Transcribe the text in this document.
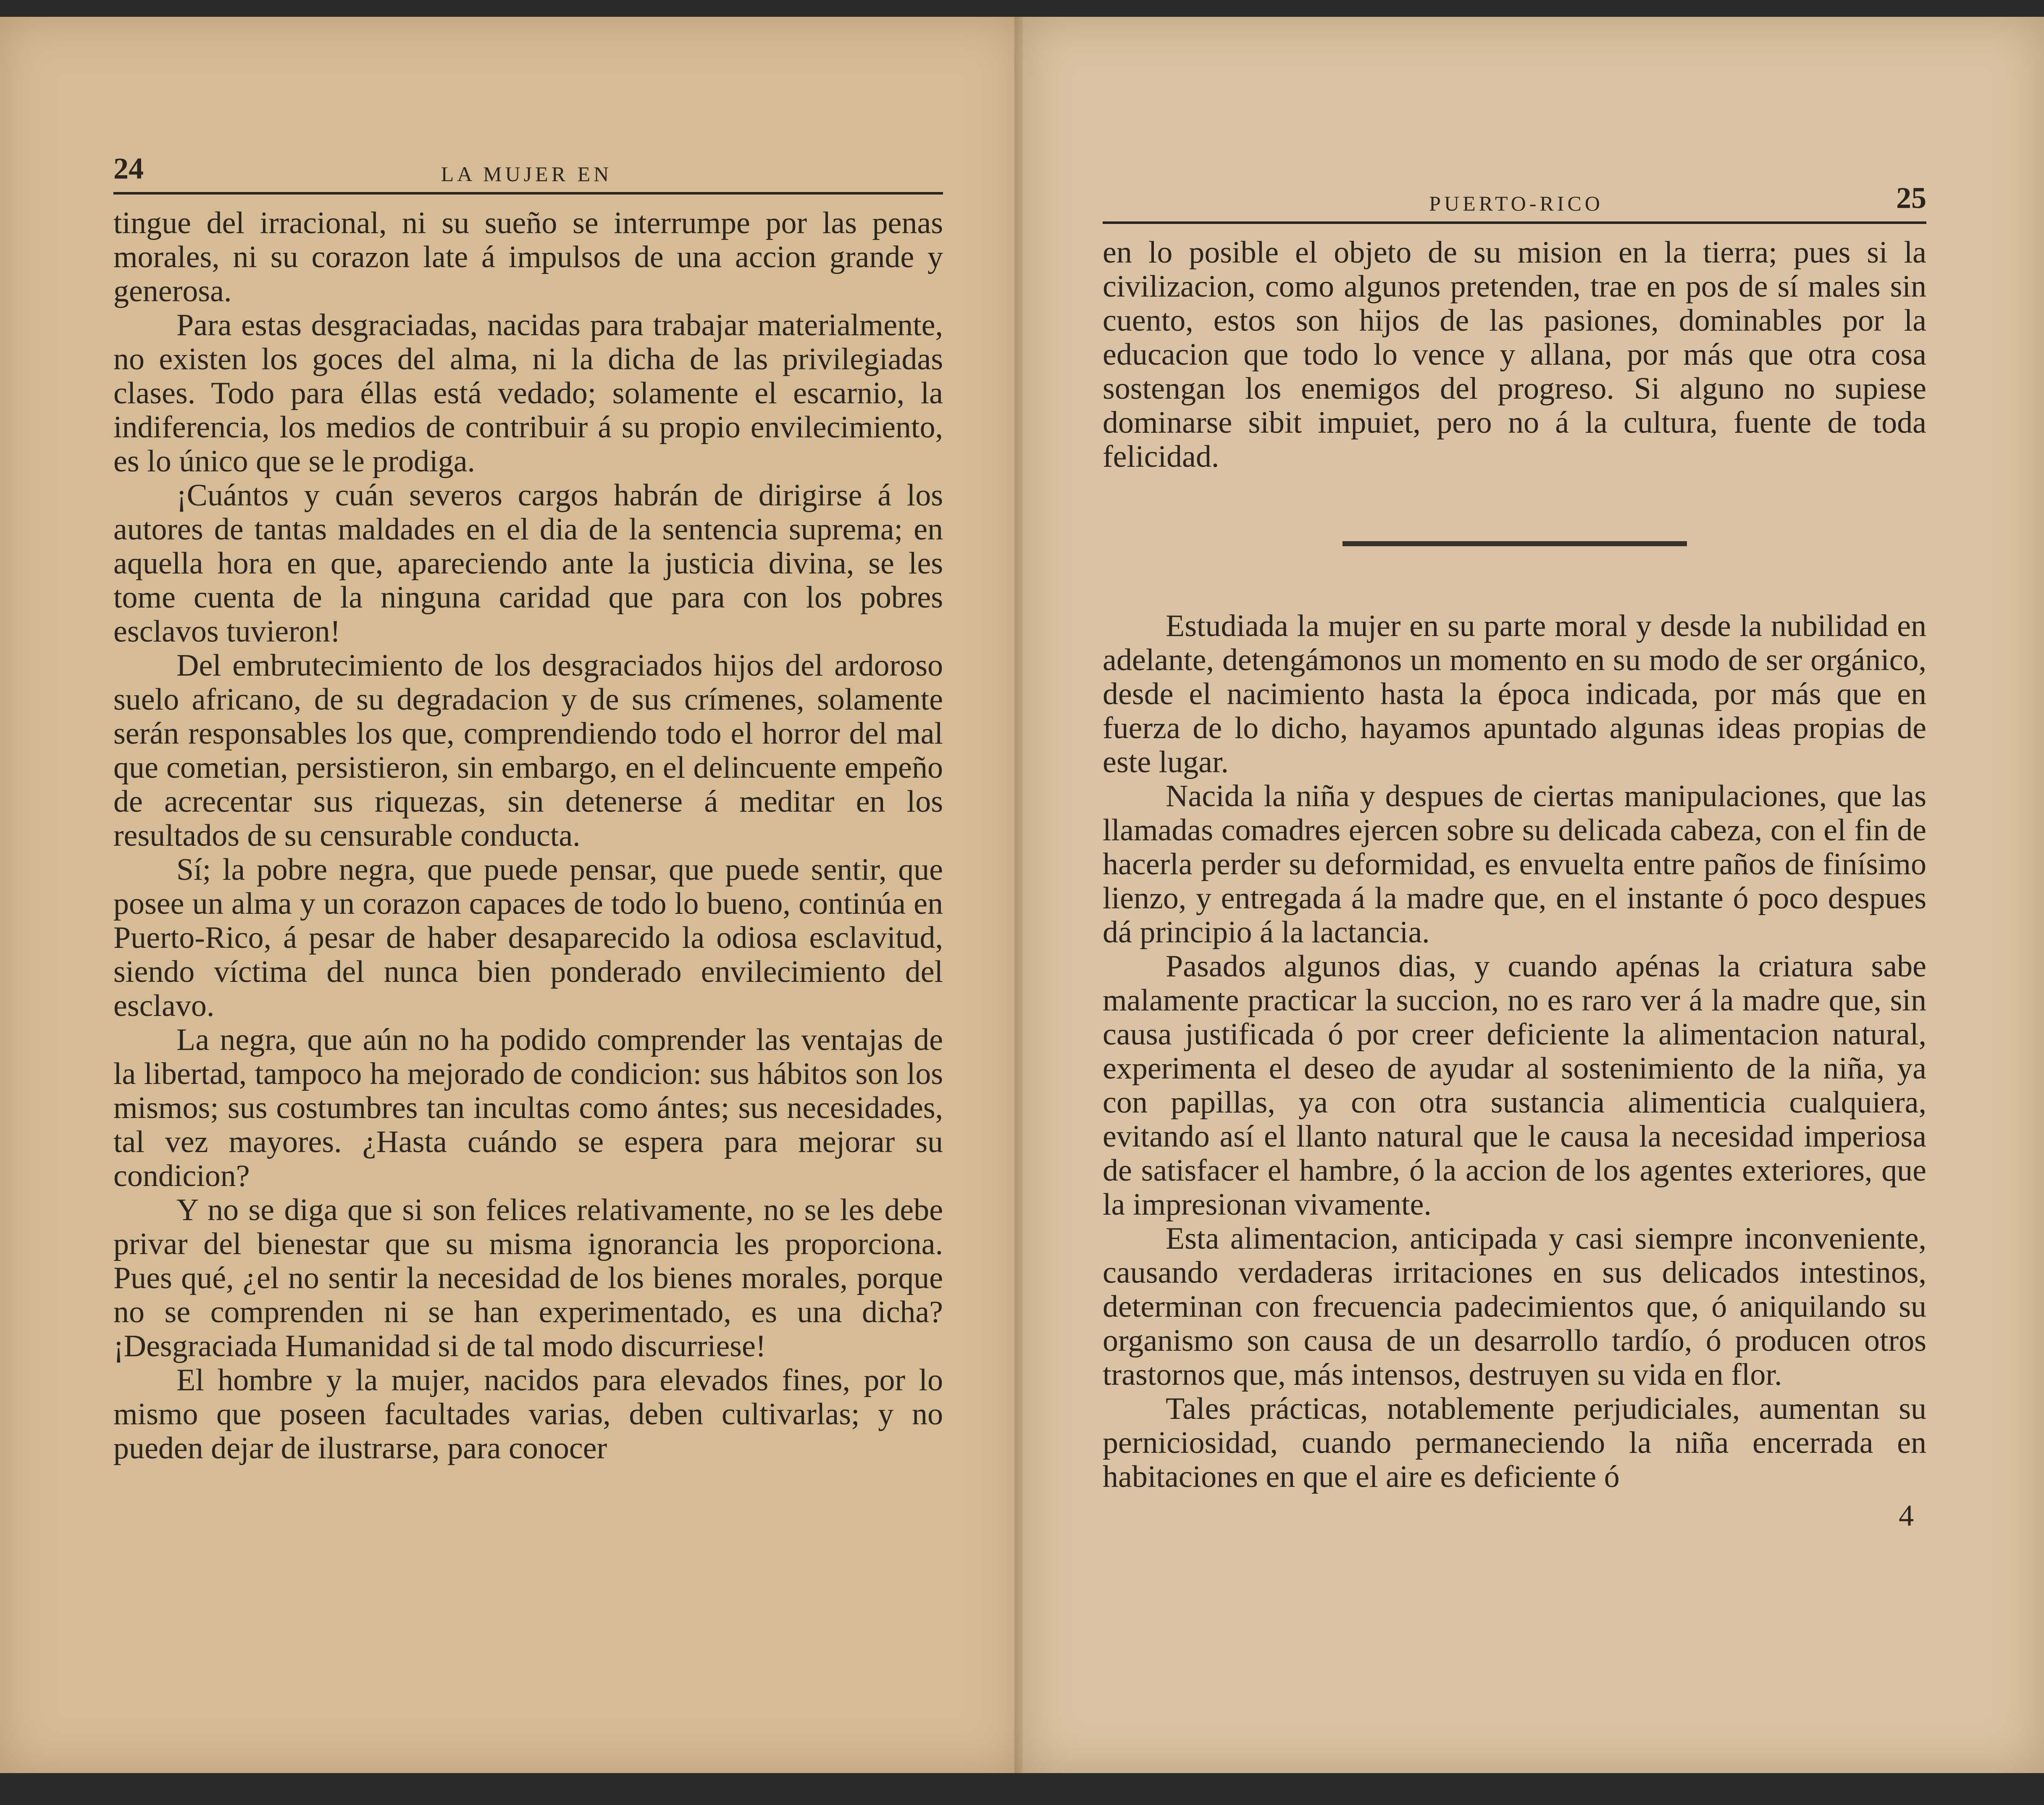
24	LA MUJER EN

tingue del irracional, ni su sueño se interrumpe por las penas morales, ni su corazon late á impulsos de una accion grande y generosa.

Para estas desgraciadas, nacidas para trabajar materialmente, no existen los goces del alma, ni la dicha de las privilegiadas clases. Todo para éllas está vedado; solamente el escarnio, la indiferencia, los medios de contribuir á su propio envilecimiento, es lo único que se le prodiga.

¡Cuántos y cuán severos cargos habrán de dirigirse á los autores de tantas maldades en el dia de la sentencia suprema; en aquella hora en que, apareciendo ante la justicia divina, se les tome cuenta de la ninguna caridad que para con los pobres esclavos tuvieron!

Del embrutecimiento de los desgraciados hijos del ardoroso suelo africano, de su degradacion y de sus crímenes, solamente serán responsables los que, comprendiendo todo el horror del mal que cometian, persistieron, sin embargo, en el delincuente empeño de acrecentar sus riquezas, sin detenerse á meditar en los resultados de su censurable conducta.

Sí; la pobre negra, que puede pensar, que puede sentir, que posee un alma y un corazon capaces de todo lo bueno, continúa en Puerto-Rico, á pesar de haber desaparecido la odiosa esclavitud, siendo víctima del nunca bien ponderado envilecimiento del esclavo.

La negra, que aún no ha podido comprender las ventajas de la libertad, tampoco ha mejorado de condicion: sus hábitos son los mismos; sus costumbres tan incultas como ántes; sus necesidades, tal vez mayores. ¿Hasta cuándo se espera para mejorar su condicion?

Y no se diga que si son felices relativamente, no se les debe privar del bienestar que su misma ignorancia les proporciona. Pues qué, ¿el no sentir la necesidad de los bienes morales, porque no se comprenden ni se han experimentado, es una dicha? ¡Desgraciada Humanidad si de tal modo discurriese!

El hombre y la mujer, nacidos para elevados fines, por lo mismo que poseen facultades varias, deben cultivarlas; y no pueden dejar de ilustrarse, para conocer

PUERTO-RICO	25

en lo posible el objeto de su mision en la tierra; pues si la civilizacion, como algunos pretenden, trae en pos de sí males sin cuento, estos son hijos de las pasiones, dominables por la educacion que todo lo vence y allana, por más que otra cosa sostengan los enemigos del progreso. Si alguno no supiese dominarse sibit impuiet, pero no á la cultura, fuente de toda felicidad.

Estudiada la mujer en su parte moral y desde la nubilidad en adelante, detengámonos un momento en su modo de ser orgánico, desde el nacimiento hasta la época indicada, por más que en fuerza de lo dicho, hayamos apuntado algunas ideas propias de este lugar.

Nacida la niña y despues de ciertas manipulaciones, que las llamadas comadres ejercen sobre su delicada cabeza, con el fin de hacerla perder su deformidad, es envuelta entre paños de finísimo lienzo, y entregada á la madre que, en el instante ó poco despues dá principio á la lactancia.

Pasados algunos dias, y cuando apénas la criatura sabe malamente practicar la succion, no es raro ver á la madre que, sin causa justificada ó por creer deficiente la alimentacion natural, experimenta el deseo de ayudar al sostenimiento de la niña, ya con papillas, ya con otra sustancia alimenticia cualquiera, evitando así el llanto natural que le causa la necesidad imperiosa de satisfacer el hambre, ó la accion de los agentes exteriores, que la impresionan vivamente.

Esta alimentacion, anticipada y casi siempre inconveniente, causando verdaderas irritaciones en sus delicados intestinos, determinan con frecuencia padecimientos que, ó aniquilando su organismo son causa de un desarrollo tardío, ó producen otros trastornos que, más intensos, destruyen su vida en flor.

Tales prácticas, notablemente perjudiciales, aumentan su perniciosidad, cuando permaneciendo la niña encerrada en habitaciones en que el aire es deficiente ó

4
